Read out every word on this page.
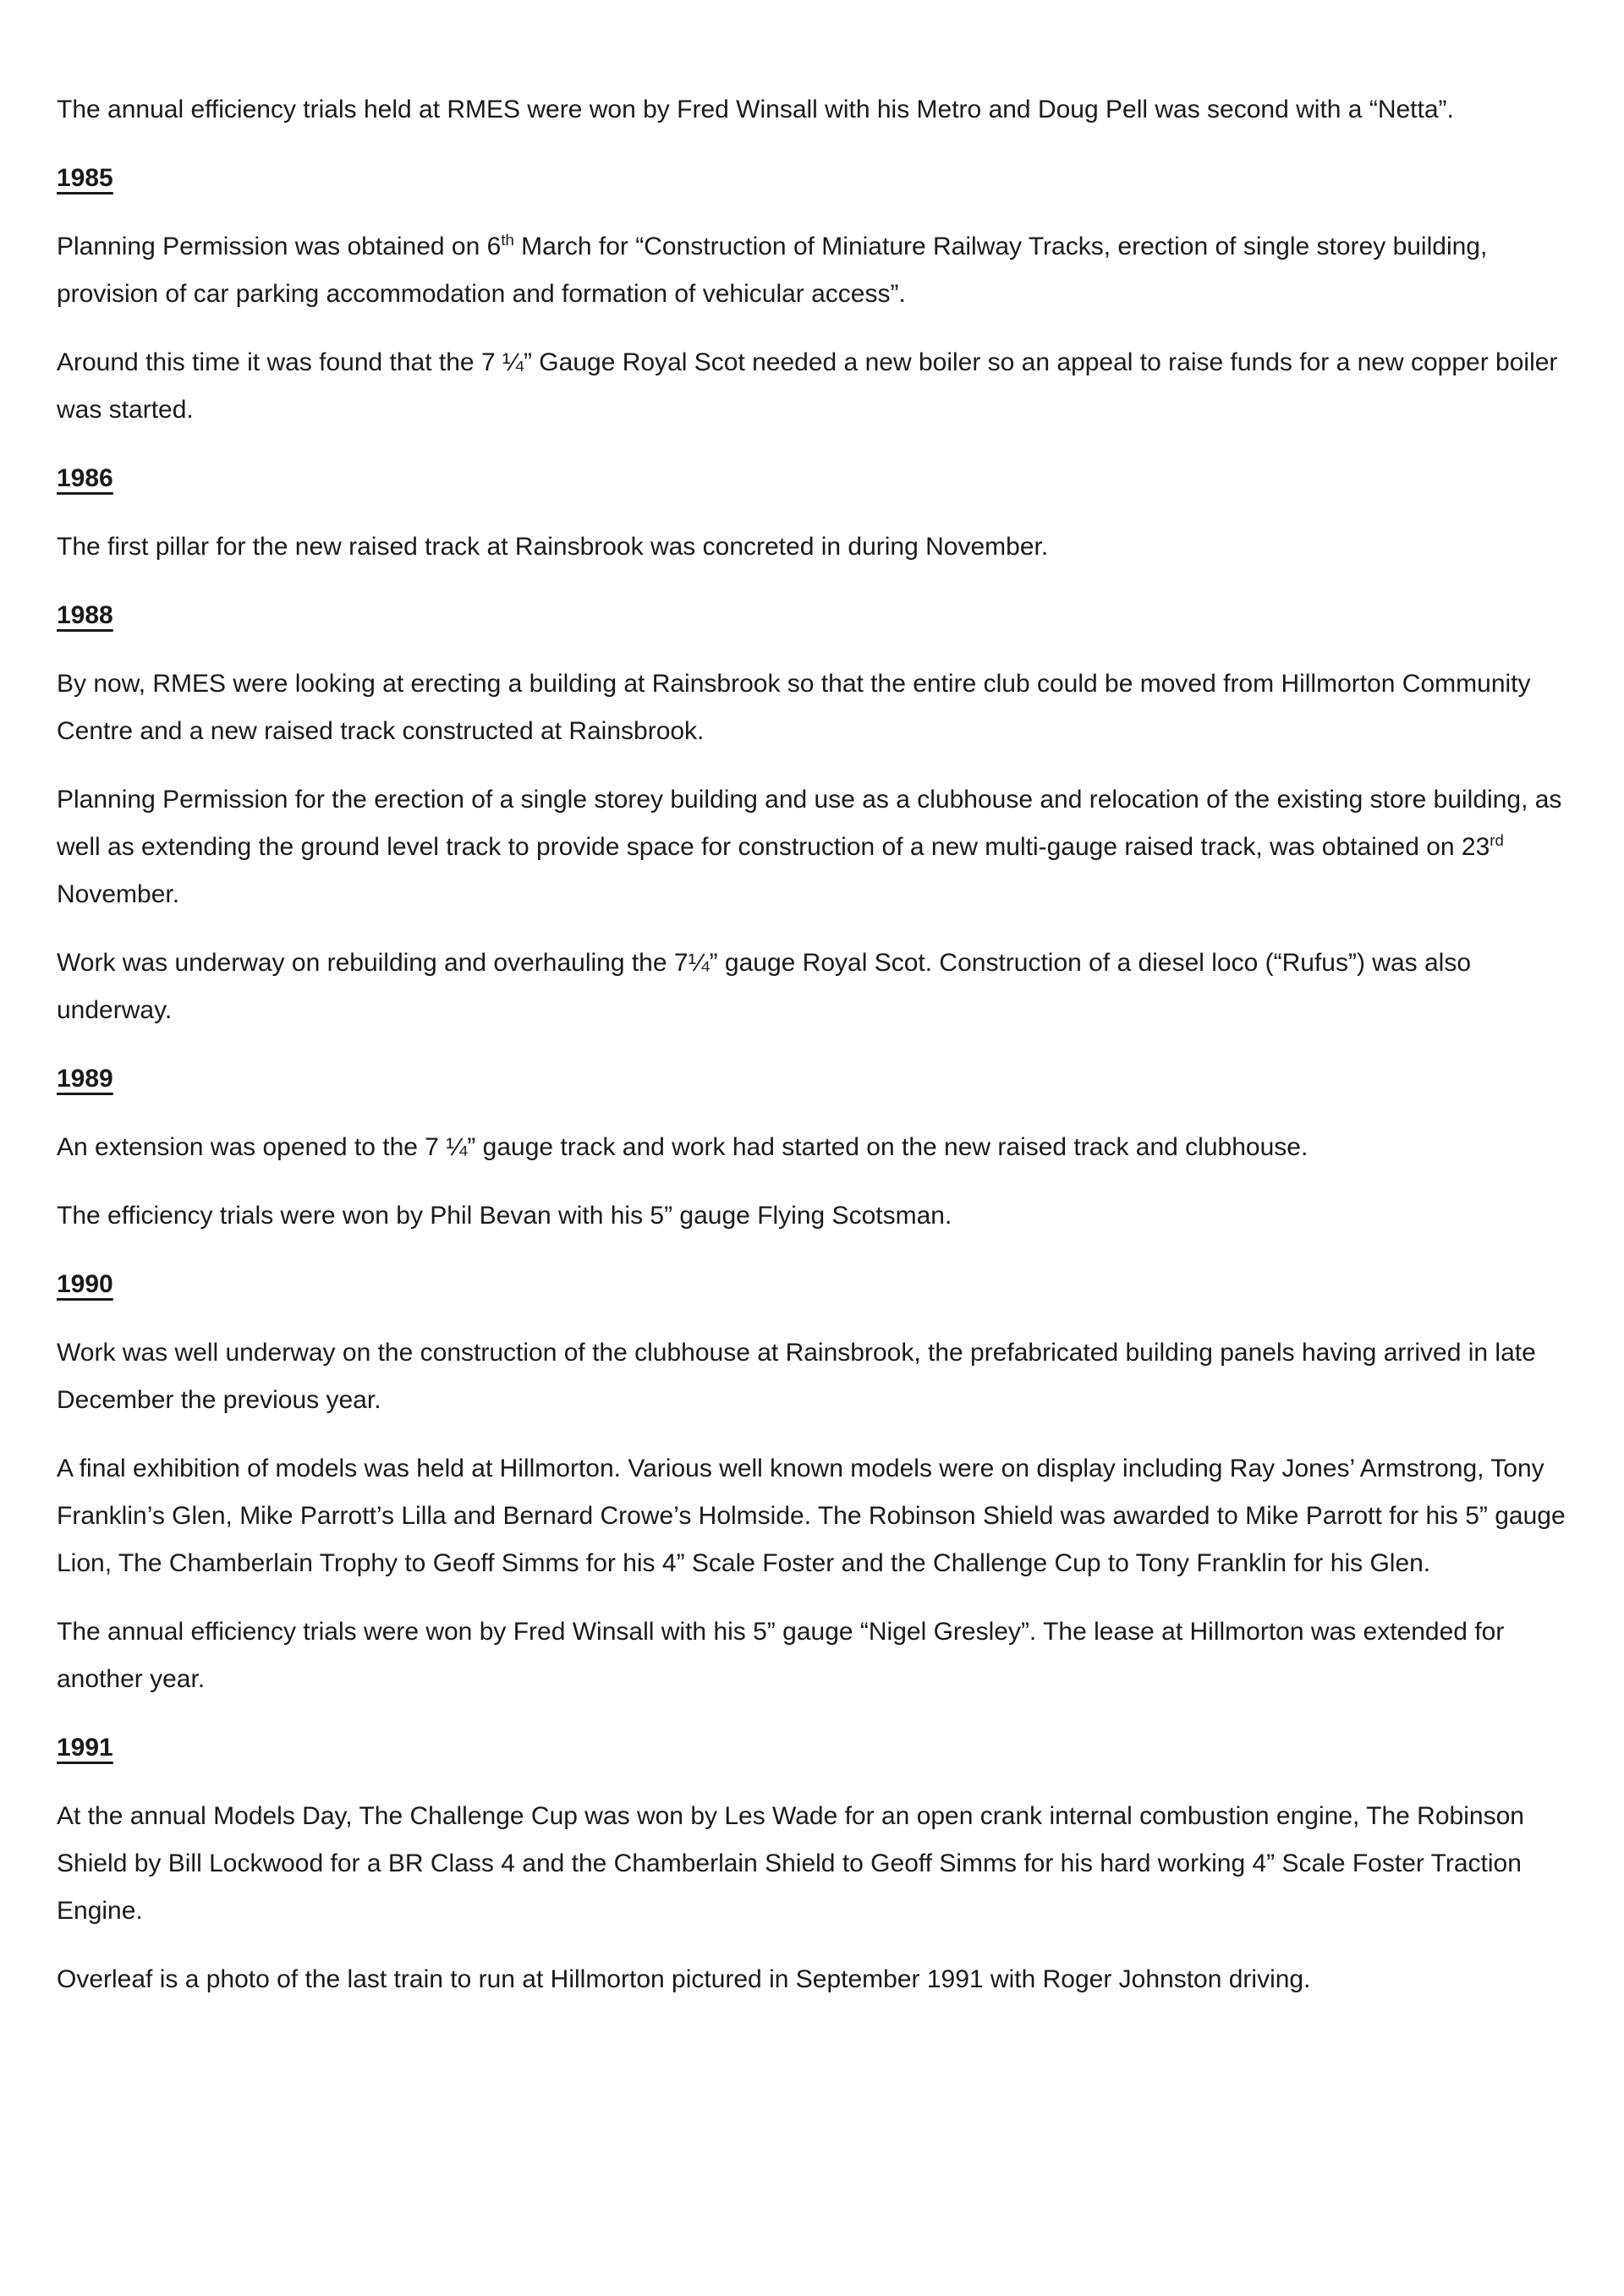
The annual efficiency trials held at RMES were won by Fred Winsall with his Metro and Doug Pell was second with a “Netta”.

1985

Planning Permission was obtained on 6th March for “Construction of Miniature Railway Tracks, erection of single storey building, provision of car parking accommodation and formation of vehicular access”.

Around this time it was found that the 7 ¼” Gauge Royal Scot needed a new boiler so an appeal to raise funds for a new copper boiler was started.

1986

The first pillar for the new raised track at Rainsbrook was concreted in during November.

1988

By now, RMES were looking at erecting a building at Rainsbrook so that the entire club could be moved from Hillmorton Community Centre and a new raised track constructed at Rainsbrook.

Planning Permission for the erection of a single storey building and use as a clubhouse and relocation of the existing store building, as well as extending the ground level track to provide space for construction of a new multi-gauge raised track, was obtained on 23rd November.

Work was underway on rebuilding and overhauling the 7¼” gauge Royal Scot. Construction of a diesel loco (“Rufus”) was also underway.

1989

An extension was opened to the 7 ¼” gauge track and work had started on the new raised track and clubhouse.

The efficiency trials were won by Phil Bevan with his 5” gauge Flying Scotsman.

1990

Work was well underway on the construction of the clubhouse at Rainsbrook, the prefabricated building panels having arrived in late December the previous year.

A final exhibition of models was held at Hillmorton. Various well known models were on display including Ray Jones’ Armstrong, Tony Franklin’s Glen, Mike Parrott’s Lilla and Bernard Crowe’s Holmside. The Robinson Shield was awarded to Mike Parrott for his 5” gauge Lion, The Chamberlain Trophy to Geoff Simms for his 4” Scale Foster and the Challenge Cup to Tony Franklin for his Glen.

The annual efficiency trials were won by Fred Winsall with his 5” gauge “Nigel Gresley”. The lease at Hillmorton was extended for another year.

1991

At the annual Models Day, The Challenge Cup was won by Les Wade for an open crank internal combustion engine, The Robinson Shield by Bill Lockwood for a BR Class 4 and the Chamberlain Shield to Geoff Simms for his hard working 4” Scale Foster Traction Engine.

Overleaf is a photo of the last train to run at Hillmorton pictured in September 1991 with Roger Johnston driving.
